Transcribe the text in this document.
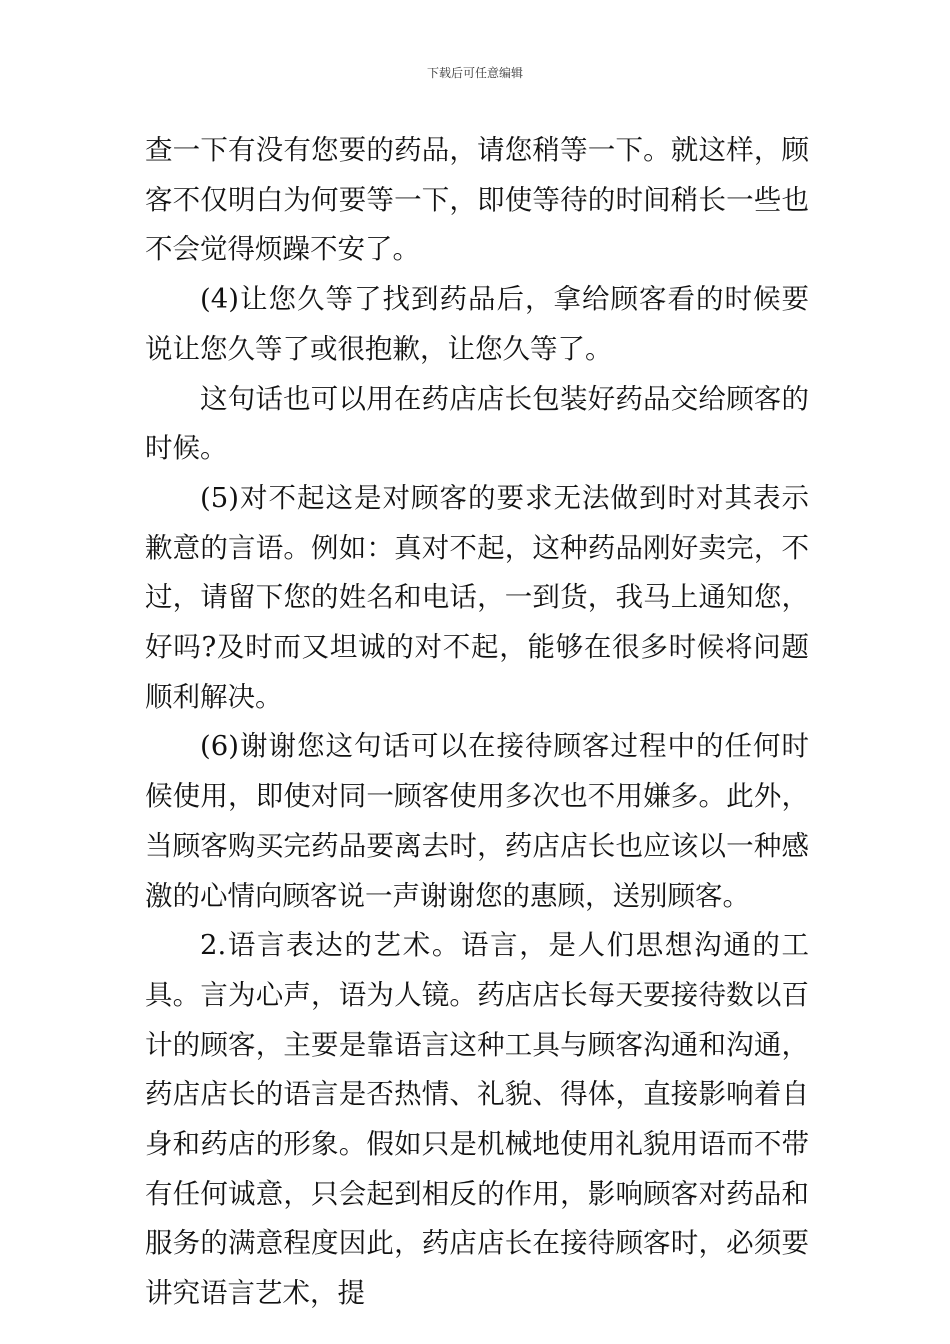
下载后可任意编辑

查一下有没有您要的药品，请您稍等一下。就这样，顾客不仅明白为何要等一下，即使等待的时间稍长一些也不会觉得烦躁不安了。

(4)让您久等了找到药品后，拿给顾客看的时候要说让您久等了或很抱歉，让您久等了。

这句话也可以用在药店店长包装好药品交给顾客的时候。

(5)对不起这是对顾客的要求无法做到时对其表示歉意的言语。例如：真对不起，这种药品刚好卖完，不过，请留下您的姓名和电话，一到货，我马上通知您，好吗?及时而又坦诚的对不起，能够在很多时候将问题顺利解决。

(6)谢谢您这句话可以在接待顾客过程中的任何时候使用，即使对同一顾客使用多次也不用嫌多。此外，当顾客购买完药品要离去时，药店店长也应该以一种感激的心情向顾客说一声谢谢您的惠顾，送别顾客。

2.语言表达的艺术。语言，是人们思想沟通的工具。言为心声，语为人镜。药店店长每天要接待数以百计的顾客，主要是靠语言这种工具与顾客沟通和沟通，药店店长的语言是否热情、礼貌、得体，直接影响着自身和药店的形象。假如只是机械地使用礼貌用语而不带有任何诚意，只会起到相反的作用，影响顾客对药品和服务的满意程度因此，药店店长在接待顾客时，必须要讲究语言艺术，提
